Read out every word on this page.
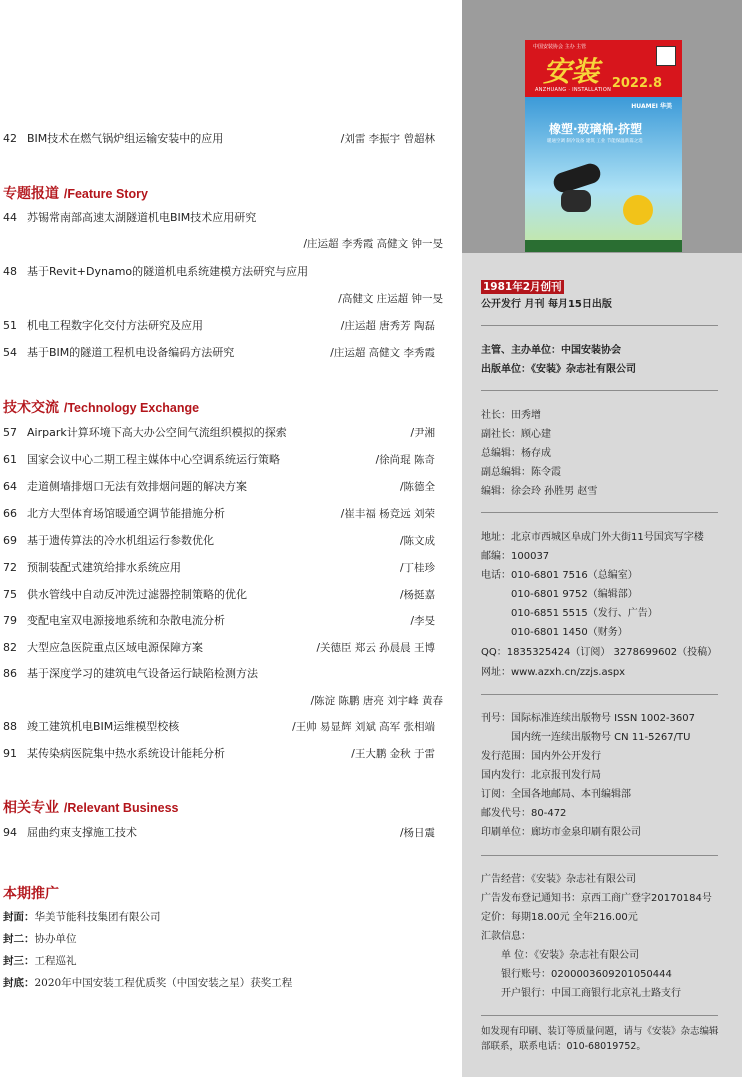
42 BIM技术在燃气锅炉组运输安装中的应用	/刘雷 李振宇 曾超林
专题报道 /Feature Story
44 苏锡常南部高速太湖隧道机电BIM技术应用研究
/庄运超 李秀霞 高健文 钟一旻
48 基于Revit+Dynamo的隧道机电系统建模方法研究与应用
/高健文 庄运超 钟一旻
51 机电工程数字化交付方法研究及应用	/庄运超 唐秀芳 陶磊
54 基于BIM的隧道工程机电设备编码方法研究	/庄运超 高健文 李秀霞
技术交流 /Technology Exchange
57 Airpark计算环境下高大办公空间气流组织模拟的探索	/尹湘
61 国家会议中心二期工程主媒体中心空调系统运行策略	/徐尚琨 陈奇
64 走道侧墙排烟口无法有效排烟问题的解决方案	/陈德全
66 北方大型体育场馆暖通空调节能措施分析	/崔丰福 杨竞远 刘荣
69 基于遗传算法的冷水机组运行参数优化	/陈文成
72 预制装配式建筑给排水系统应用	/丁桂珍
75 供水管线中自动反冲洗过滤器控制策略的优化	/杨挺嘉
79 变配电室双电源接地系统和杂散电流分析	/李旻
82 大型应急医院重点区域电源保障方案	/关德臣 郑云 孙晨晨 王博
86 基于深度学习的建筑电气设备运行缺陷检测方法
/陈淀 陈鹏 唐亮 刘宇峰 黄春
88 竣工建筑机电BIM运维模型校核	/王帅 易显辉 刘斌 高军 张相端
91 某传染病医院集中热水系统设计能耗分析	/王大鹏 金秋 于雷
相关专业 /Relevant Business
94 屈曲约束支撑施工技术	/杨日震
本期推广
封面：华美节能科技集团有限公司
封二：协办单位
封三：工程巡礼
封底：2020年中国安装工程优质奖（中国安装之星）获奖工程
中国安装协会 主办 主管
安装 2022.8
ANZHUANG · INSTALLATION
HUAMEI 华美
橡塑·玻璃棉·挤塑
暖通空调 制冷设备 建筑 工业 节能保温新篇之选
1981年2月创刊
公开发行 月刊 每月15日出版
主管、主办单位：中国安装协会
出版单位：《安装》杂志社有限公司
社长：田秀增
副社长：顾心建
总编辑：杨存成
副总编辑：陈令霞
编辑：徐会玲 孙胜男 赵雪
地址：北京市西城区阜成门外大街11号国宾写字楼
邮编：100037
电话：010-6801 7516（总编室）
010-6801 9752（编辑部）
010-6851 5515（发行、广告）
010-6801 1450（财务）
QQ：1835325424（订阅） 3278699602（投稿）
网址：www.azxh.cn/zzjs.aspx
刊号：国际标准连续出版物号 ISSN 1002-3607
国内统一连续出版物号 CN 11-5267/TU
发行范围：国内外公开发行
国内发行：北京报刊发行局
订阅：全国各地邮局、本刊编辑部
邮发代号：80-472
印刷单位：廊坊市金泉印刷有限公司
广告经营：《安装》杂志社有限公司
广告发布登记通知书：京西工商广登字20170184号
定价：每期18.00元 全年216.00元
汇款信息：
单 位：《安装》杂志社有限公司
银行账号：0200003609201050444
开户银行：中国工商银行北京礼士路支行
如发现有印刷、装订等质量问题，请与《安装》杂志编辑部联系，联系电话：010-68019752。
